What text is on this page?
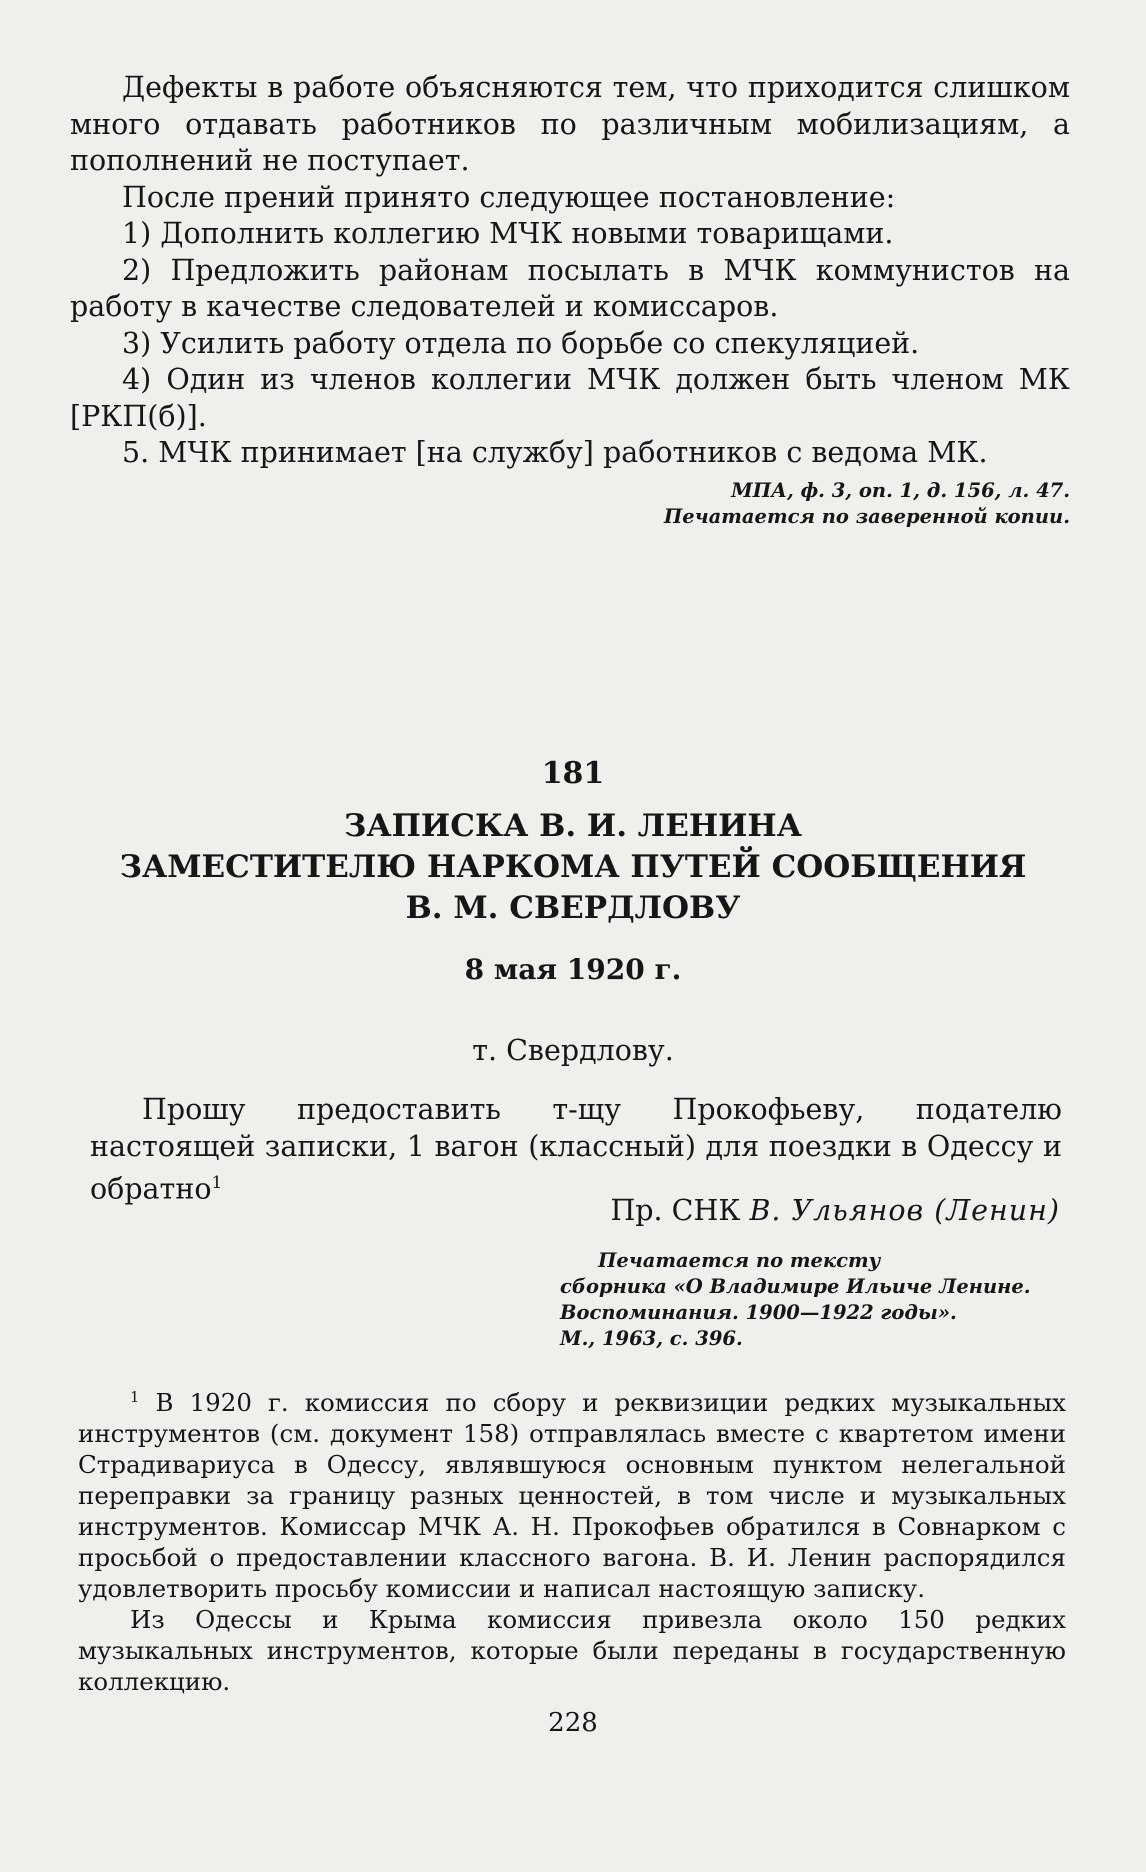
Дефекты в работе объясняются тем, что приходится слишком много отдавать работников по различным мобилизациям, а пополнений не поступает.

После прений принято следующее постановление:

1) Дополнить коллегию МЧК новыми товарищами.

2) Предложить районам посылать в МЧК коммунистов на работу в качестве следователей и комиссаров.

3) Усилить работу отдела по борьбе со спекуляцией.

4) Один из членов коллегии МЧК должен быть членом МК [РКП(б)].

5. МЧК принимает [на службу] работников с ведома МК.

МПА, ф. 3, оп. 1, д. 156, л. 47.

Печатается по заверенной копии.

181
ЗАПИСКА В. И. ЛЕНИНА
ЗАМЕСТИТЕЛЮ НАРКОМА ПУТЕЙ СООБЩЕНИЯ
В. М. СВЕРДЛОВУ
8 мая 1920 г.
т. Свердлову.

Прошу предоставить т-щу Прокофьеву, подателю настоящей записки, 1 вагон (классный) для поездки в Одессу и обратно$^1$

Пр. СНК В. Ульянов (Ленин)

Печатается по тексту

сборника «О Владимире Ильиче Ленине.

Воспоминания. 1900—1922 годы».

М., 1963, с. 396.

$^1$ В 1920 г. комиссия по сбору и реквизиции редких музыкальных инструментов (см. документ 158) отправлялась вместе с квартетом имени Страдивариуса в Одессу, являвшуюся основным пунктом нелегальной переправки за границу разных ценностей, в том числе и музыкальных инструментов. Комиссар МЧК А. Н. Прокофьев обратился в Совнарком с просьбой о предоставлении классного вагона. В. И. Ленин распорядился удовлетворить просьбу комиссии и написал настоящую записку.

Из Одессы и Крыма комиссия привезла около 150 редких музыкальных инструментов, которые были переданы в государственную коллекцию.

228
